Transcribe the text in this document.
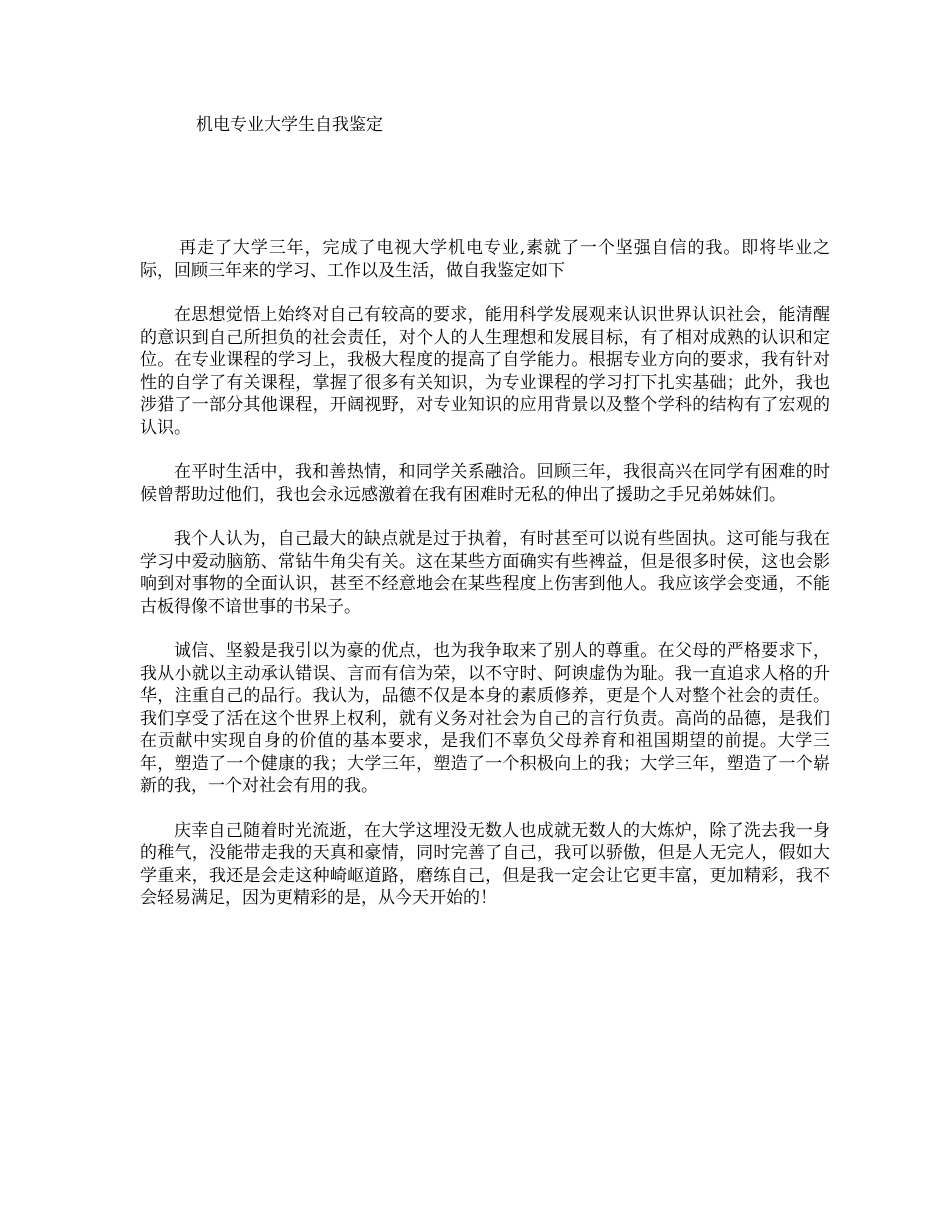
机电专业大学生自我鉴定

再走了大学三年，完成了电视大学机电专业,素就了一个坚强自信的我。即将毕业之际，回顾三年来的学习、工作以及生活，做自我鉴定如下

在思想觉悟上始终对自己有较高的要求，能用科学发展观来认识世界认识社会，能清醒的意识到自己所担负的社会责任，对个人的人生理想和发展目标，有了相对成熟的认识和定位。在专业课程的学习上，我极大程度的提高了自学能力。根据专业方向的要求，我有针对性的自学了有关课程，掌握了很多有关知识，为专业课程的学习打下扎实基础；此外，我也涉猎了一部分其他课程，开阔视野，对专业知识的应用背景以及整个学科的结构有了宏观的认识。

在平时生活中，我和善热情，和同学关系融洽。回顾三年，我很高兴在同学有困难的时候曾帮助过他们，我也会永远感激着在我有困难时无私的伸出了援助之手兄弟姊妹们。

我个人认为，自己最大的缺点就是过于执着，有时甚至可以说有些固执。这可能与我在学习中爱动脑筋、常钻牛角尖有关。这在某些方面确实有些裨益，但是很多时侯，这也会影响到对事物的全面认识，甚至不经意地会在某些程度上伤害到他人。我应该学会变通，不能古板得像不谙世事的书呆子。

诚信、坚毅是我引以为豪的优点，也为我争取来了别人的尊重。在父母的严格要求下，我从小就以主动承认错误、言而有信为荣，以不守时、阿谀虚伪为耻。我一直追求人格的升华，注重自己的品行。我认为，品德不仅是本身的素质修养，更是个人对整个社会的责任。我们享受了活在这个世界上权利，就有义务对社会为自己的言行负责。高尚的品德，是我们在贡献中实现自身的价值的基本要求，是我们不辜负父母养育和祖国期望的前提。大学三年，塑造了一个健康的我；大学三年，塑造了一个积极向上的我；大学三年，塑造了一个崭新的我，一个对社会有用的我。

庆幸自己随着时光流逝，在大学这埋没无数人也成就无数人的大炼炉，除了洗去我一身的稚气，没能带走我的天真和豪情，同时完善了自己，我可以骄傲，但是人无完人，假如大学重来，我还是会走这种崎岖道路，磨练自己，但是我一定会让它更丰富，更加精彩，我不会轻易满足，因为更精彩的是，从今天开始的！
